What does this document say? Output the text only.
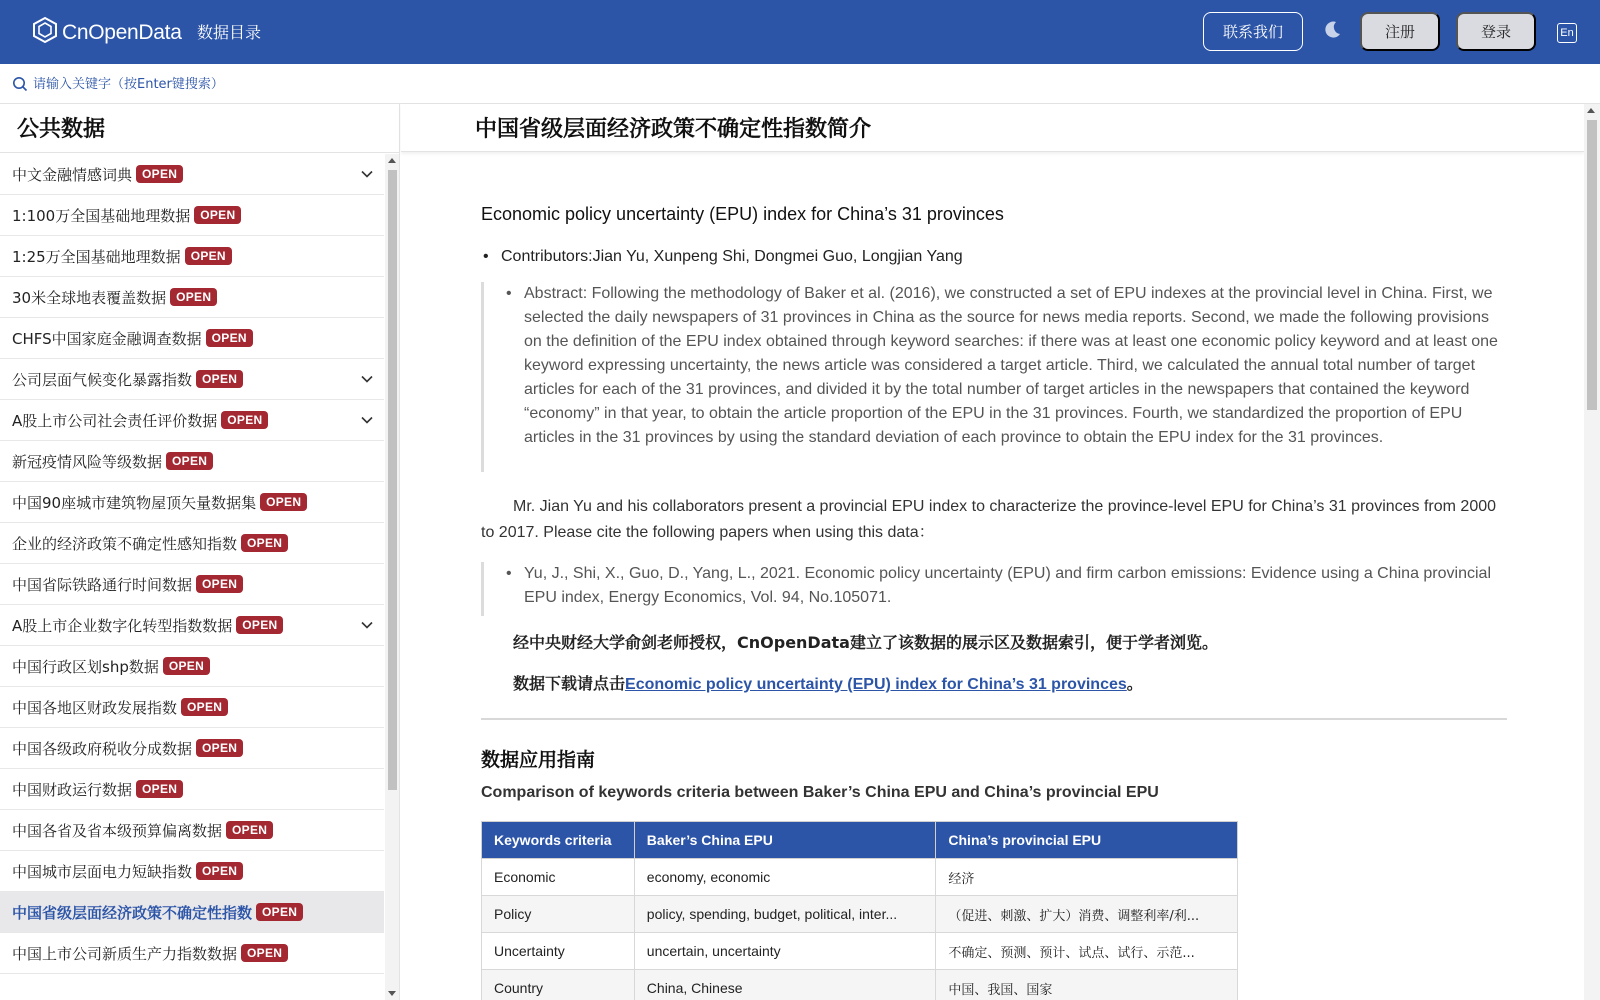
CnOpenData 数据目录	联系我们	注册	登录	En
请输入关键字（按Enter键搜索）
公共数据
中文金融情感词典 OPEN
1:100万全国基础地理数据 OPEN
1:25万全国基础地理数据 OPEN
30米全球地表覆盖数据 OPEN
CHFS中国家庭金融调查数据 OPEN
公司层面气候变化暴露指数 OPEN
A股上市公司社会责任评价数据 OPEN
新冠疫情风险等级数据 OPEN
中国90座城市建筑物屋顶矢量数据集 OPEN
企业的经济政策不确定性感知指数 OPEN
中国省际铁路通行时间数据 OPEN
A股上市企业数字化转型指数数据 OPEN
中国行政区划shp数据 OPEN
中国各地区财政发展指数 OPEN
中国各级政府税收分成数据 OPEN
中国财政运行数据 OPEN
中国各省及省本级预算偏离数据 OPEN
中国城市层面电力短缺指数 OPEN
中国省级层面经济政策不确定性指数 OPEN
中国上市公司新质生产力指数数据 OPEN
中国省级层面经济政策不确定性指数简介
Economic policy uncertainty (EPU) index for China’s 31 provinces
• Contributors:Jian Yu, Xunpeng Shi, Dongmei Guo, Longjian Yang
• Abstract: Following the methodology of Baker et al. (2016), we constructed a set of EPU indexes at the provincial level in China. First, we selected the daily newspapers of 31 provinces in China as the source for news media reports. Second, we made the following provisions on the definition of the EPU index obtained through keyword searches: if there was at least one economic policy keyword and at least one keyword expressing uncertainty, the news article was considered a target article. Third, we calculated the annual total number of target articles for each of the 31 provinces, and divided it by the total number of target articles in the newspapers that contained the keyword “economy” in that year, to obtain the article proportion of the EPU in the 31 provinces. Fourth, we standardized the proportion of EPU articles in the 31 provinces by using the standard deviation of each province to obtain the EPU index for the 31 provinces.
Mr. Jian Yu and his collaborators present a provincial EPU index to characterize the province-level EPU for China’s 31 provinces from 2000 to 2017. Please cite the following papers when using this data：
• Yu, J., Shi, X., Guo, D., Yang, L., 2021. Economic policy uncertainty (EPU) and firm carbon emissions: Evidence using a China provincial EPU index, Energy Economics, Vol. 94, No.105071.
经中央财经大学俞剑老师授权，CnOpenData建立了该数据的展示区及数据索引，便于学者浏览。
数据下载请点击Economic policy uncertainty (EPU) index for China’s 31 provinces。
数据应用指南
Comparison of keywords criteria between Baker’s China EPU and China’s provincial EPU
Keywords criteria	Baker’s China EPU	China’s provincial EPU
Economic	economy, economic	经济
Policy	policy, spending, budget, political, inter...	（促进、刺激、扩大）消费、调整利率/利...
Uncertainty	uncertain, uncertainty	不确定、预测、预计、试点、试行、示范...
Country	China, Chinese	中国、我国、国家
